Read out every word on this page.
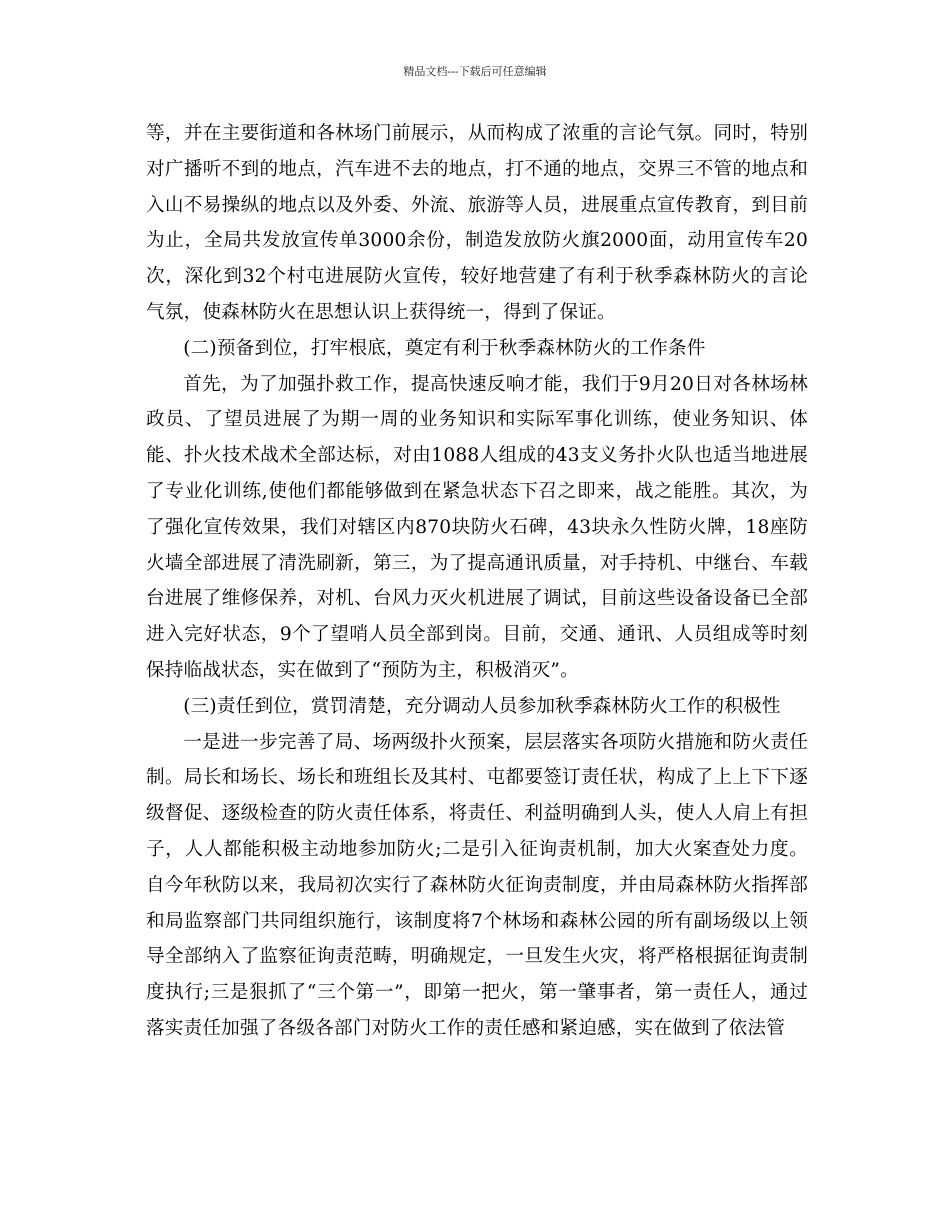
精品文档---下载后可任意编辑

等，并在主要街道和各林场门前展示，从而构成了浓重的言论气氛。同时，特别对广播听不到的地点，汽车进不去的地点，打不通的地点，交界三不管的地点和入山不易操纵的地点以及外委、外流、旅游等人员，进展重点宣传教育，到目前为止，全局共发放宣传单3000余份，制造发放防火旗2000面，动用宣传车20次，深化到32个村屯进展防火宣传，较好地营建了有利于秋季森林防火的言论气氛，使森林防火在思想认识上获得统一，得到了保证。

(二)预备到位，打牢根底，奠定有利于秋季森林防火的工作条件

首先，为了加强扑救工作，提高快速反响才能，我们于9月20日对各林场林政员、了望员进展了为期一周的业务知识和实际军事化训练，使业务知识、体能、扑火技术战术全部达标，对由1088人组成的43支义务扑火队也适当地进展了专业化训练,使他们都能够做到在紧急状态下召之即来，战之能胜。其次，为了强化宣传效果，我们对辖区内870块防火石碑，43块永久性防火牌，18座防火墙全部进展了清洗刷新，第三，为了提高通讯质量，对手持机、中继台、车载台进展了维修保养，对机、台风力灭火机进展了调试，目前这些设备设备已全部进入完好状态，9个了望哨人员全部到岗。目前，交通、通讯、人员组成等时刻保持临战状态，实在做到了“预防为主，积极消灭”。

(三)责任到位，赏罚清楚，充分调动人员参加秋季森林防火工作的积极性

一是进一步完善了局、场两级扑火预案，层层落实各项防火措施和防火责任制。局长和场长、场长和班组长及其村、屯都要签订责任状，构成了上上下下逐级督促、逐级检查的防火责任体系，将责任、利益明确到人头，使人人肩上有担子，人人都能积极主动地参加防火;二是引入征询责机制，加大火案查处力度。自今年秋防以来，我局初次实行了森林防火征询责制度，并由局森林防火指挥部和局监察部门共同组织施行，该制度将7个林场和森林公园的所有副场级以上领导全部纳入了监察征询责范畴，明确规定，一旦发生火灾，将严格根据征询责制度执行;三是狠抓了“三个第一”，即第一把火，第一肇事者，第一责任人，通过落实责任加强了各级各部门对防火工作的责任感和紧迫感，实在做到了依法管
